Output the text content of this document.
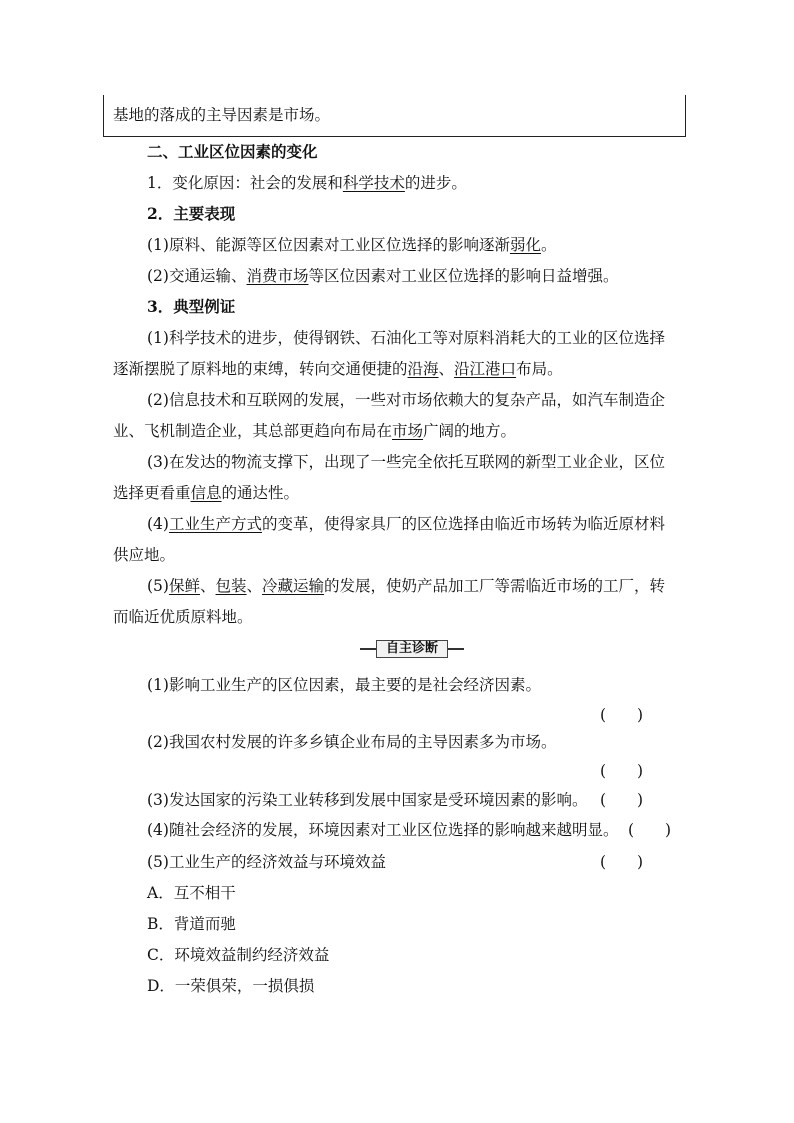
基地的落成的主导因素是市场。
二、工业区位因素的变化
1．变化原因：社会的发展和科学技术的进步。
2．主要表现
(1)原料、能源等区位因素对工业区位选择的影响逐渐弱化。
(2)交通运输、消费市场等区位因素对工业区位选择的影响日益增强。
3．典型例证
(1)科学技术的进步，使得钢铁、石油化工等对原料消耗大的工业的区位选择
逐渐摆脱了原料地的束缚，转向交通便捷的沿海、沿江港口布局。
(2)信息技术和互联网的发展，一些对市场依赖大的复杂产品，如汽车制造企
业、飞机制造企业，其总部更趋向布局在市场广阔的地方。
(3)在发达的物流支撑下，出现了一些完全依托互联网的新型工业企业，区位
选择更看重信息的通达性。
(4)工业生产方式的变革，使得家具厂的区位选择由临近市场转为临近原材料
供应地。
(5)保鲜、包装、冷藏运输的发展，使奶产品加工厂等需临近市场的工厂，转
而临近优质原料地。
自主诊断
(1)影响工业生产的区位因素，最主要的是社会经济因素。
(　　)
(2)我国农村发展的许多乡镇企业布局的主导因素多为市场。
(　　)
(3)发达国家的污染工业转移到发展中国家是受环境因素的影响。 (　　)
(4)随社会经济的发展，环境因素对工业区位选择的影响越来越明显。 (　　)
(5)工业生产的经济效益与环境效益	(　　)
A．互不相干
B．背道而驰
C．环境效益制约经济效益
D．一荣俱荣，一损俱损
